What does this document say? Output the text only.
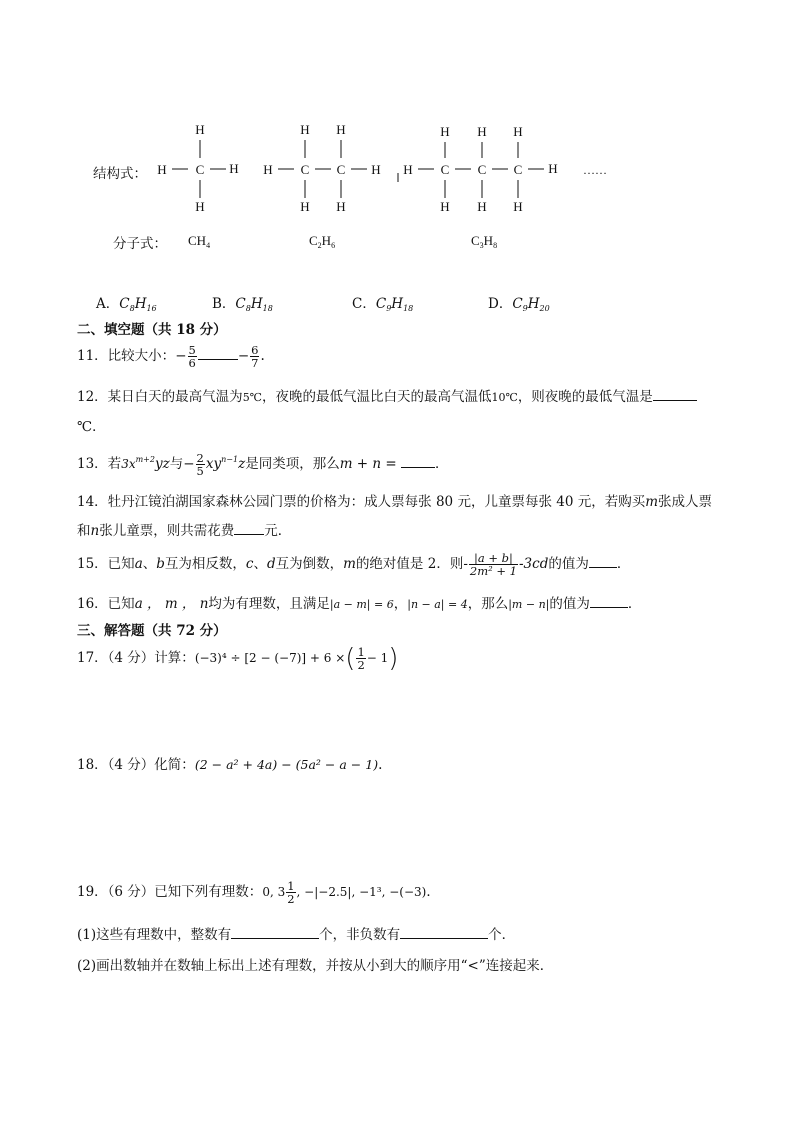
结构式：
H
H C H
H
H H
H C C H
H H
H H H
H C C C H
H H H
……
分子式： $CH_4$	$C_2H_6$	$C_3H_8$
A．$C_8H_{16}$	B．$C_8H_{18}$	C．$C_9H_{18}$	D．$C_9H_{20}$
二、填空题（共 18 分）
11．比较大小：− $\frac{5}{6}$	− $\frac{6}{7}$ .
12．某日白天的最高气温为5℃，夜晚的最低气温比白天的最高气温低10℃，则夜晚的最低气温是
℃．
13．若$3x^{m+2}yz$与− $\frac{2}{5} xy^{n-1}z$是同类项，那么m + n =	．
14．牡丹江镜泊湖国家森林公园门票的价格为：成人票每张 80 元，儿童票每张 40 元，若购买m张成人票
和n张儿童票，则共需花费 元．
15．已知a、b互为相反数，c、d互为倒数，m的绝对值是 2．则- $\frac{|a + b|}{\text{2m² + 1}} -3cd$的值为 ．
16．已知a ， m ， n均为有理数，且满足|a − m| = 6，|n − a| = 4，那么|m − n|的值为	．
三、解答题（共 72 分）
17．（4 分）计算：(−3)⁴ ÷ [2 − (−7)] + 6 ×( $\frac{1}{2} - 1$)
18．（4 分）化简：(2 − a² + 4a) − (5a² − a − 1).
19．（6 分）已知下列有理数：0, $3 \frac{1}{2}$ , −|−2.5|, −1³, −(−3)．
(1)这些有理数中，整数有	个，非负数有	个．
(2)画出数轴并在数轴上标出上述有理数，并按从小到大的顺序用“<”连接起来．
